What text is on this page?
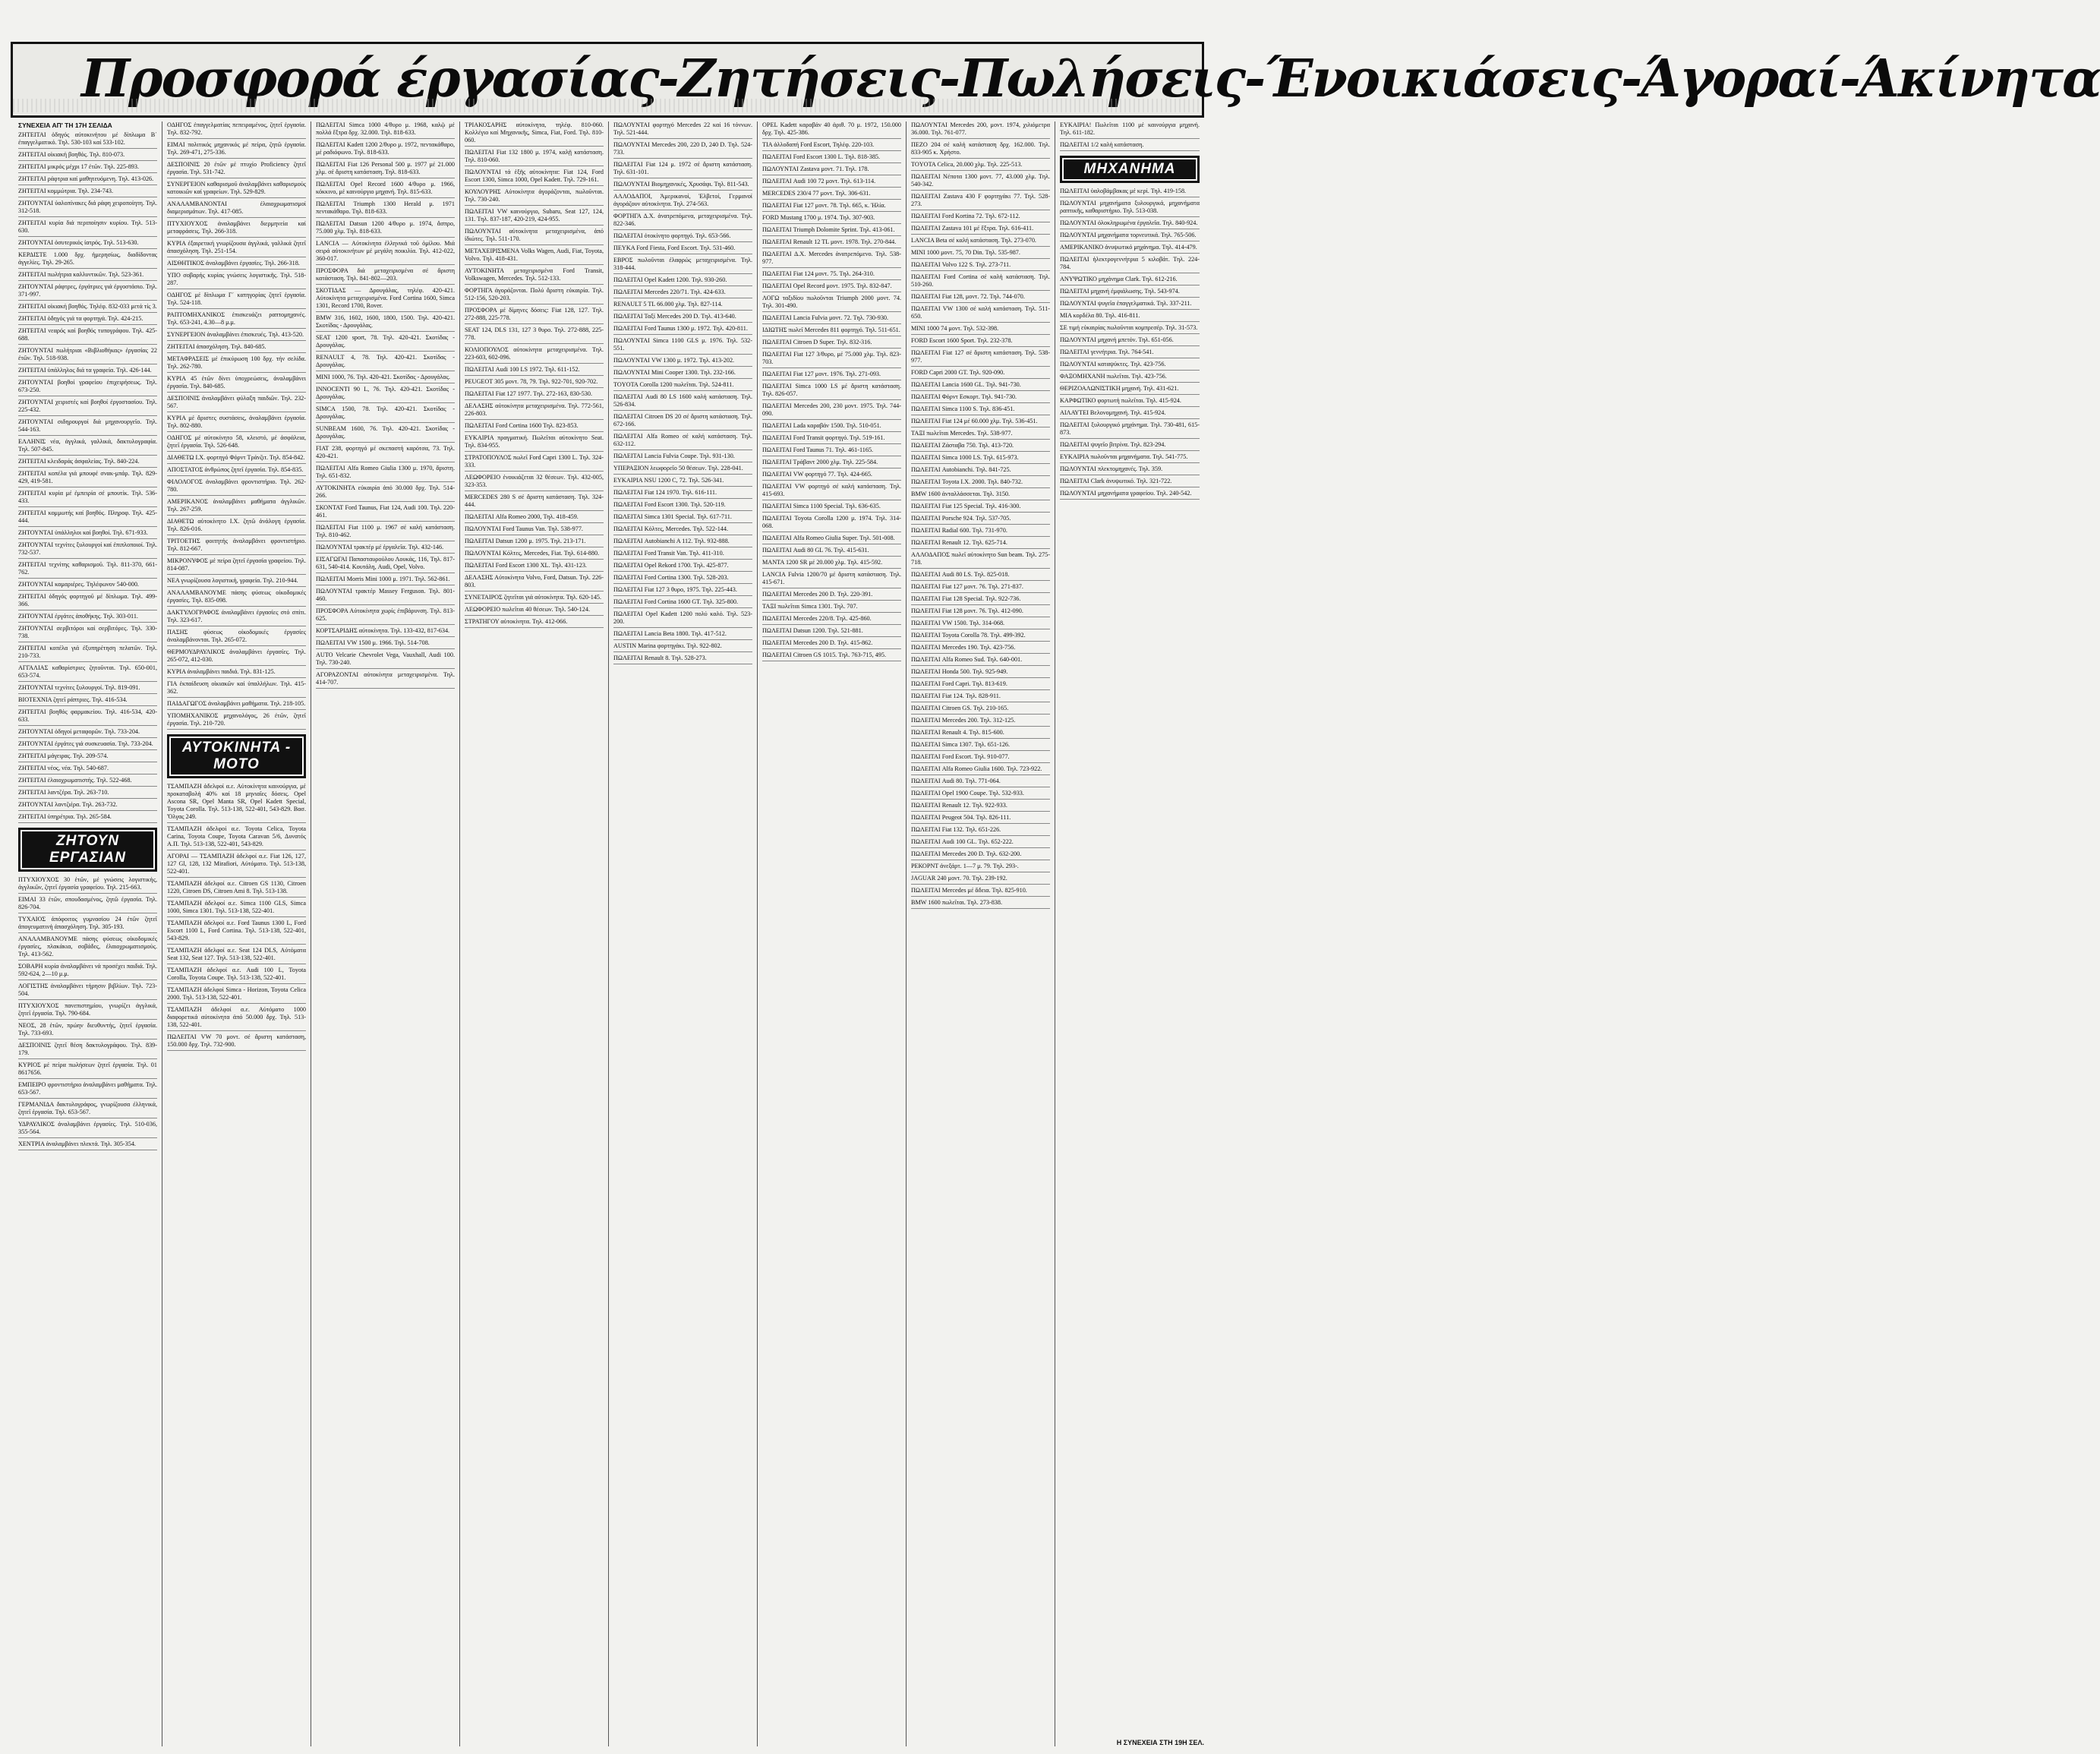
Προσφορά έργασίας-Ζητήσεις-Πωλήσεις-Ένοικιάσεις-Άγοραί-Άκίνητα
ΣΥΝΕΧΕΙΑ ΑΠ' ΤΗ 17Η ΣΕΛΙΔΑ
ΖΗΤΕΙΤΑΙ ὁδηγός αὐτοκινήτου μέ δίπλωμα Β΄ ἐπαγγελματικό. Τηλ. 530-103 καί 533-102.
ΖΗΤΕΙΤΑΙ οἰκιακή βοηθός. Τηλ. 810-073.
ΖΗΤΕΙΤΑΙ μικρός μέχρι 17 ἐτῶν. Τηλ. 225-893.
ΖΗΤΕΙΤΑΙ ράφτρια καί μαθητευόμενη. Τηλ. 413-026.
ΖΗΤΕΙΤΑΙ κομμώτρια. Τηλ. 234-743.
ΖΗΤΟΥΝΤΑΙ ὑαλοπίνακες διά ράφη χειροποίητη. Τηλ. 312-518.
ΖΗΤΕΙΤΑΙ κυρία διά περιποίησιν κυρίου. Τηλ. 513-630.
ΖΗΤΟΥΝΤΑΙ ὁσυτερικός ἰατρός. Τηλ. 513-630.
ΚΕΡΔΙΣΤΕ 1.000 δρχ. ἡμερησίως, διαδίδοντας ἀγγελίες. Τηλ. 29-265.
ΖΗΤΕΙΤΑΙ πωλήτρια καλλυντικῶν. Τηλ. 523-361.
ΖΗΤΟΥΝΤΑΙ ράφτρες, ἐργάτριες γιά ἐργοστάσιο. Τηλ. 371-997.
ΖΗΤΕΙΤΑΙ οἰκιακή βοηθός. Τηλέφ. 832-033 μετά τίς 3.
ΖΗΤΕΙΤΑΙ ὁδηγός γιά τα φορτηγά. Τηλ. 424-215.
ΖΗΤΕΙΤΑΙ νεαρός καί βοηθός τυπογράφου. Τηλ. 425-688.
ΖΗΤΟΥΝΤΑΙ πωλήτριαι «Βιβλιοθήκας» ἐργασίας 22 ἐτῶν. Τηλ. 518-938.
ΖΗΤΕΙΤΑΙ ὑπάλληλος διά τα γραφεία. Τηλ. 426-144.
ΖΗΤΟΥΝΤΑΙ βοηθοί γραφείου ἐπιχειρήσεως. Τηλ. 673-250.
ΖΗΤΟΥΝΤΑΙ χειριστές καί βοηθοί ἐργοστασίου. Τηλ. 225-432.
ΖΗΤΟΥΝΤΑΙ σιδηρουργοί διά μηχανουργεῖο. Τηλ. 544-163.
ΕΛΛΗΝΙΣ νέα, ἀγγλικά, γαλλικά, δακτυλογραφία. Τηλ. 507-845.
ΖΗΤΕΙΤΑΙ κλειδαράς ἀσφαλείας. Τηλ. 840-224.
ΖΗΤΕΙΤΑΙ κοπέλα γιά μπουφέ σνακ-μπάρ. Τηλ. 829-429, 419-581.
ΖΗΤΕΙΤΑΙ κυρία μέ ἐμπειρία σέ μπουτίκ. Τηλ. 536-433.
ΖΗΤΕΙΤΑΙ κομμωτής καί βοηθός. Πληροφ. Τηλ. 425-444.
ΖΗΤΟΥΝΤΑΙ ὑπάλληλοι καί βοηθοί. Τηλ. 671-933.
ΖΗΤΟΥΝΤΑΙ τεχνίτες ξυλουργοί καί ἐπιπλοποιοί. Τηλ. 732-537.
ΖΗΤΕΙΤΑΙ τεχνίτης καθαρισμοῦ. Τηλ. 811-370, 661-762.
ΖΗΤΟΥΝΤΑΙ καμαριέρες. Τηλέφωνον 540-000.
ΖΗΤΕΙΤΑΙ ὁδηγός φορτηγοῦ μέ δίπλωμα. Τηλ. 499-366.
ΖΗΤΟΥΝΤΑΙ ἐργάτες ἀποθήκης. Τηλ. 303-011.
ΖΗΤΟΥΝΤΑΙ σερβιτόροι καί σερβιτόρες. Τηλ. 330-738.
ΖΗΤΕΙΤΑΙ κοπέλα γιά ἐξυπηρέτηση πελατῶν. Τηλ. 210-733.
ΑΓΓΑΛΙΑΣ καθαρίστριες ζητοῦνται. Τηλ. 650-001, 653-574.
ΖΗΤΟΥΝΤΑΙ τεχνίτες ξυλουργοί. Τηλ. 819-091.
ΒΙΟΤΕΧΝΙΑ ζητεῖ ράπτριες. Τηλ. 416-534.
ΖΗΤΕΙΤΑΙ βοηθός φαρμακείου. Τηλ. 416-534, 420-633.
ΖΗΤΟΥΝΤΑΙ ὁδηγοί μεταφορῶν. Τηλ. 733-204.
ΖΗΤΟΥΝΤΑΙ ἐργάτες γιά συσκευασία. Τηλ. 733-204.
ΖΗΤΕΙΤΑΙ μάγειρας. Τηλ. 209-574.
ΖΗΤΕΙΤΑΙ νέος, νέα. Τηλ. 540-687.
ΖΗΤΕΙΤΑΙ ἐλαιοχρωματιστής. Τηλ. 522-468.
ΖΗΤΕΙΤΑΙ λαντζέρα. Τηλ. 263-710.
ΖΗΤΟΥΝΤΑΙ λαντζιέρα. Τηλ. 263-732.
ΖΗΤΕΙΤΑΙ ὑπηρέτρια. Τηλ. 265-584.
ΖΗΤΟΥΝ ΕΡΓΑΣΙΑΝ
ΠΤΥΧΙΟΥΧΟΣ 30 ἐτῶν, μέ γνώσεις λογιστικής, ἀγγλικῶν, ζητεῖ ἐργασία γραφείου. Τηλ. 215-663.
ΕΙΜΑΙ 33 ἐτῶν, σπουδασμένος, ζητῶ ἐργασία. Τηλ. 826-704.
ΤΥΧΑΙΟΣ ἀπόφοιτος γυμνασίου 24 ἐτῶν ζητεῖ ἀπογευματινή ἀπασχόληση. Τηλ. 305-193.
ΑΝΑΛΑΜΒΑΝΟΥΜΕ πάσης φύσεως οἰκοδομικές ἐργασίες, πλακάκια, σοβάδες, ἐλαιοχρωματισμούς. Τηλ. 413-562.
ΣΟΒΑΡΗ κυρία ἀναλαμβάνει νά προσέχει παιδιά. Τηλ. 592-624, 2—10 μ.μ.
ΛΟΓΙΣΤΗΣ ἀναλαμβάνει τήρησιν βιβλίων. Τηλ. 723-504.
ΠΤΥΧΙΟΥΧΟΣ πανεπιστημίου, γνωρίζει ἀγγλικά, ζητεῖ ἐργασία. Τηλ. 790-684.
ΝΕΟΣ, 28 ἐτῶν, πρώην διευθυντής, ζητεῖ ἐργασία. Τηλ. 733-693.
ΔΕΣΠΟΙΝΙΣ ζητεῖ θέση δακτυλογράφου. Τηλ. 839-179.
ΚΥΡΙΟΣ μέ πείρα πωλήσεων ζητεῖ ἐργασία. Τηλ. 01 8617656.
ΕΜΠΕΙΡΟ φροντιστήριο ἀναλαμβάνει μαθήματα. Τηλ. 653-567.
ΓΕΡΜΑΝΙΔΑ δακτυλογράφος, γνωρίζουσα ἐλληνικά, ζητεῖ ἐργασία. Τηλ. 653-567.
ΥΔΡΑΥΛΙΚΟΣ ἀναλαμβάνει ἐργασίες. Τηλ. 510-036, 355-564.
ΧΕΝΤΡΙΑ ἀναλαμβάνει πλεκτά. Τηλ. 305-354.
ΟΔΗΓΟΣ ἐπαγγελματίας πεπειραμένος, ζητεῖ ἐργασία. Τηλ. 832-792.
ΕΙΜΑΙ πολιτικός μηχανικός μέ πείρα, ζητῶ ἐργασία. Τηλ. 269-471, 275-336.
ΔΕΣΠΟΙΝΙΣ 20 ἐτῶν μέ πτυχίο Proficiency ζητεῖ ἐργασία. Τηλ. 531-742.
ΣΥΝΕΡΓΕΙΟΝ καθαρισμοῦ ἀναλαμβάνει καθαρισμούς κατοικιῶν καί γραφείων. Τηλ. 529-829.
ΑΝΑΛΑΜΒΑΝΟΝΤΑΙ ἐλαιοχρωματισμοί διαμερισμάτων. Τηλ. 417-085.
ΠΤΥΧΙΟΥΧΟΣ ἀναλαμβάνει διερμηνεία καί μεταφράσεις. Τηλ. 266-318.
ΚΥΡΙΑ ἐξαιρετική γνωρίζουσα ἀγγλικά, γαλλικά ζητεῖ ἀπασχόληση. Τηλ. 251-154.
ΑΙΣΘΗΤΙΚΟΣ ἀναλαμβάνει ἐργασίες. Τηλ. 266-318.
ΥΠΟ σοβαρής κυρίας γνώσεις λογιστικῆς. Τηλ. 518-287.
ΟΔΗΓΟΣ μέ δίπλωμα Γ΄ κατηγορίας ζητεῖ ἐργασία. Τηλ. 524-118.
ΡΑΠΤΟΜΗΧΑΝΙΚΟΣ ἐπισκευάζει ραπτομηχανές. Τηλ. 653-241, 4.30—8 μ.μ.
ΣΥΝΕΡΓΕΙΟΝ ἀναλαμβάνει ἐπισκευές. Τηλ. 413-520.
ΖΗΤΕΙΤΑΙ ἀπασχόληση. Τηλ. 840-685.
ΜΕΤΑΦΡΑΣΕΙΣ μέ ἐπικύρωση 100 δρχ. τήν σελίδα. Τηλ. 262-780.
ΚΥΡΙΑ 45 ἐτῶν δίνει ὑποχρεώσεις, ἀναλαμβάνει ἐργασία. Τηλ. 840-685.
ΔΕΣΠΟΙΝΙΣ ἀναλαμβάνει φύλαξη παιδιῶν. Τηλ. 232-567.
ΚΥΡΙΑ μέ ἄριστες συστάσεις, ἀναλαμβάνει ἐργασία. Τηλ. 802-880.
ΟΔΗΓΟΣ μέ αὐτοκίνητο 58, κλειστό, μέ ἀσφάλεια, ζητεῖ ἐργασία. Τηλ. 526-648.
ΔΙΑΘΕΤΩ Ι.Χ. φορτηγό Φόρντ Τράνζιτ. Τηλ. 854-842.
ΑΠΟΣΤΑΤΟΣ ἀνθρώπος ζητεῖ ἐργασία. Τηλ. 854-835.
ΦΙΛΟΛΟΓΟΣ ἀναλαμβάνει φροντιστήριο. Τηλ. 262-780.
ΑΜΕΡΙΚΑΝΟΣ ἀναλαμβάνει μαθήματα ἀγγλικῶν. Τηλ. 267-259.
ΔΙΑΘΕΤΩ αὐτοκίνητο Ι.Χ. ζητῶ ἀνάλογη ἐργασία. Τηλ. 826-016.
ΤΡΙΤΟΕΤΗΣ φοιτητής ἀναλαμβάνει φροντιστήριο. Τηλ. 812-667.
ΜΙΚΡΟΝΥΦΟΣ μέ πείρα ζητεῖ ἐργασία γραφείου. Τηλ. 814-087.
ΝΕΑ γνωρίζουσα λογιστική, γραφεία. Τηλ. 210-944.
ΑΝΑΛΑΜΒΑΝΟΥΜΕ πάσης φύσεως οἰκοδομικές ἐργασίες. Τηλ. 835-098.
ΔΑΚΤΥΛΟΓΡΑΦΟΣ ἀναλαμβάνει ἐργασίες στό σπίτι. Τηλ. 323-617.
ΠΑΣΗΣ φύσεως οἰκοδομικές ἐργασίες ἀναλαμβάνονται. Τηλ. 265-072.
ΘΕΡΜΟΥΔΡΑΥΛΙΚΟΣ ἀναλαμβάνει ἐργασίες. Τηλ. 265-072, 412-030.
ΚΥΡΙΑ ἀναλαμβάνει παιδιά. Τηλ. 831-125.
ΓΙΑ ἐκπαίδευση οἰκιακῶν καί ὑπαλλήλων. Τηλ. 415-362.
ΠΑΙΔΑΓΩΓΟΣ ἀναλαμβάνει μαθήματα. Τηλ. 218-105.
ΥΠΟΜΗΧΑΝΙΚΟΣ μηχανολόγος, 26 ἐτῶν, ζητεῖ ἐργασία. Τηλ. 210-720.
ΑΥΤΟΚΙΝΗΤΑ - ΜΟΤΟ
ΤΣΑΜΠΑΖΗ ἀδελφοί α.ε. Αὐτοκίνητα καινούργια, μέ προκαταβολή 40% καί 18 μηνιαῖες δόσεις. Opel Ascona SR, Opel Manta SR, Opel Kadett Special, Toyota Corolla. Τηλ. 513-138, 522-401, 543-829. Βασ. Ὄλγας 249.
ΤΣΑΜΠΑΖΗ ἀδελφοί α.ε. Toyota Celica, Toyota Carina, Toyota Coupe, Toyota Caravan 5/6, Δυνατός Α.Π. Τηλ. 513-138, 522-401, 543-829.
ΑΓΟΡΑΙ — ΤΣΑΜΠΑΖΗ ἀδελφοί α.ε. Fiat 126, 127, 127 Gl, 128, 132 Mirafiori, Αὐτόματο. Τηλ. 513-138, 522-401.
ΤΣΑΜΠΑΖΗ ἀδελφοί α.ε. Citroen GS 1130, Citroen 1220, Citroen DS, Citroen Ami 8. Τηλ. 513-138.
ΤΣΑΜΠΑΖΗ ἀδελφοί α.ε. Simca 1100 GLS, Simca 1000, Simca 1301. Τηλ. 513-138, 522-401.
ΤΣΑΜΠΑΖΗ ἀδελφοί α.ε. Ford Taunus 1300 L, Ford Escort 1100 L, Ford Cortina. Τηλ. 513-138, 522-401, 543-829.
ΤΣΑΜΠΑΖΗ ἀδελφοί α.ε. Seat 124 DLS, Αὐτόματα Seat 132, Seat 127. Τηλ. 513-138, 522-401.
ΤΣΑΜΠΑΖΗ ἀδελφοί α.ε. Audi 100 L, Toyota Corolla, Toyota Coupe. Τηλ. 513-138, 522-401.
ΤΣΑΜΠΑΖΗ ἀδελφοί Simca - Horizon, Toyota Celica 2000. Τηλ. 513-138, 522-401.
ΤΣΑΜΠΑΖΗ ἀδελφοί α.ε. Αὐτόματο 1000 διαφορετικά αὐτοκίνητα ἀπό 50.000 δρχ. Τηλ. 513-138, 522-401.
ΠΩΛΕΙΤΑΙ VW 70 μοντ. σέ ἄριστη κατάσταση, 150.000 δρχ. Τηλ. 732-900.
ΠΩΛΕΙΤΑΙ Simca 1000 4/θυρο μ. 1968, καλῷ μέ πολλά ἔξτρα δρχ. 32.000. Τηλ. 818-633.
ΠΩΛΕΙΤΑΙ Kadett 1200 2/θυρο μ. 1972, πεντακάθαρο, μέ ραδιόφωνο. Τηλ. 818-633.
ΠΩΛΕΙΤΑΙ Fiat 126 Personal 500 μ. 1977 μέ 21.000 χλμ. σέ ἄριστη κατάσταση. Τηλ. 818-633.
ΠΩΛΕΙΤΑΙ Opel Record 1600 4/θυρο μ. 1966, κόκκινο, μέ καινούργιο μηχανή. Τηλ. 815-633.
ΠΩΛΕΙΤΑΙ Triumph 1300 Herald μ. 1971 πεντακάθαρο. Τηλ. 818-633.
ΠΩΛΕΙΤΑΙ Datsun 1200 4/θυρο μ. 1974, ἄσπρο, 75.000 χλμ. Τηλ. 818-633.
LANCIA — Αὐτοκίνητα ἐλληνικά τοῦ ὁμίλου. Μιά σειρά αὐτοκινήτων μέ μεγάλη ποικιλία. Τηλ. 412-022, 360-017.
ΠΡΟΣΦΟΡΑ διά μεταχειρισμένα σέ ἄριστη κατάσταση. Τηλ. 841-802—203.
ΣΚΟΤΙΔΑΣ — Δρουγάλας, τηλέφ. 420-421. Αὐτοκίνητα μεταχειρισμένα. Ford Cortina 1600, Simca 1301, Record 1700, Rover.
ΒΜW 316, 1602, 1600, 1800, 1500. Τηλ. 420-421. Σκοτίδας - Δρουγάλας.
SEAT 1200 sport, 78. Τηλ. 420-421. Σκοτίδας - Δρουγάλας.
RENAULT 4, 78. Τηλ. 420-421. Σκοτίδας - Δρουγάλας.
MINI 1000, 76. Τηλ. 420-421. Σκοτίδας - Δρουγάλας.
INNOCENTI 90 L, 76. Τηλ. 420-421. Σκοτίδας - Δρουγάλας.
SIMCA 1500, 78. Τηλ. 420-421. Σκοτίδας - Δρουγάλας.
SUNBEAM 1600, 76. Τηλ. 420-421. Σκοτίδας - Δρουγάλας.
FIAT 238, φορτηγό μέ σκεπαστή καρότσα, 73. Τηλ. 420-421.
ΠΩΛΕΙΤΑΙ Alfa Romeo Giulia 1300 μ. 1970, ἄριστη. Τηλ. 651-832.
ΑΥΤΟΚΙΝΗΤΑ εὐκαιρία ἀπό 30.000 δρχ. Τηλ. 514-266.
ΣΚΟΝΤΑΤ Ford Taunus, Fiat 124, Audi 100. Τηλ. 220-461.
ΠΩΛΕΙΤΑΙ Fiat 1100 μ. 1967 σέ καλή κατάσταση. Τηλ. 810-462.
ΠΩΛΟΥΝΤΑΙ τρακτέρ μέ ἐργαλεῖα. Τηλ. 432-146.
ΕΙΣΑΓΩΓΑΙ Παπασταυρούλου Λουκάς, 116, Τηλ. 817-631, 540-414. Κουτάλη, Audi, Opel, Volvo.
ΠΩΛΕΙΤΑΙ Morris Mini 1000 μ. 1971. Τηλ. 562-861.
ΠΩΛΟΥΝΤΑΙ τρακτέρ Massey Ferguson. Τηλ. 801-460.
ΠΡΟΣΦΟΡΑ Αὐτοκίνητα χωρίς ἐπιβάρυνση. Τηλ. 813-625.
ΚΟΡΤΣΑΡΙΔΗΣ αὐτοκίνητα. Τηλ. 133-432, 817-634.
ΠΩΛΕΙΤΑΙ VW 1500 μ. 1966. Τηλ. 514-708.
AUTO Velcarie Chevrolet Vega, Vauxhall, Audi 100. Τηλ. 730-240.
ΑΓΟΡΑΖΟΝΤΑΙ αὐτοκίνητα μεταχειρισμένα. Τηλ. 414-707.
ΤΡΙΑΚΟΣΑΡΗΣ αὐτοκίνητα, τηλέφ. 810-060. Κολλέγιο καί Μηχανικῆς, Simca, Fiat, Ford. Τηλ. 810-060.
ΠΩΛΕΙΤΑΙ Fiat 132 1800 μ. 1974, καλῇ κατάσταση. Τηλ. 810-060.
ΠΩΛΟΥΝΤΑΙ τά ἑξῆς αὐτοκίνητα: Fiat 124, Ford Escort 1300, Simca 1000, Opel Kadett. Τηλ. 729-161.
ΚΟΥΛΟΥΡΗΣ Αὐτοκίνητα ἀγοράζονται, πωλοῦνται. Τηλ. 730-240.
ΠΩΛΕΙΤΑΙ VW καινούργιο, Subaru, Seat 127, 124, 131. Τηλ. 837-187, 420-219, 424-955.
ΠΩΛΟΥΝΤΑΙ αὐτοκίνητα μεταχειρισμένα, ἀπό ἰδιώτες. Τηλ. 511-170.
ΜΕΤΑΧΕΙΡΙΣΜΕΝΑ Volks Wagen, Audi, Fiat, Toyota, Volvo. Τηλ. 418-431.
ΑΥΤΟΚΙΝΗΤΑ μεταχειρισμένα Ford Transit, Volkswagen, Mercedes. Τηλ. 512-133.
ΦΟΡΤΗΓΑ ἀγοράζονται. Πολύ ἄριστη εὐκαιρία. Τηλ. 512-156, 520-203.
ΠΡΟΣΦΟΡΑ μέ δίμηνες δόσεις: Fiat 128, 127. Τηλ. 272-888, 225-778.
SEAT 124, DLS 131, 127 3 θυρο. Τηλ. 272-888, 225-778.
ΚΟΛΙΟΠΟΥΛΟΣ αὐτοκίνητα μεταχειρισμένα. Τηλ. 223-603, 602-096.
ΠΩΛΕΙΤΑΙ Audi 100 LS 1972. Τηλ. 611-152.
PEUGEOT 305 μοντ. 78, 79. Τηλ. 922-701, 920-702.
ΠΩΛΕΙΤΑΙ Fiat 127 1977. Τηλ. 272-163, 830-530.
ΔΕΛΑΣΗΣ αὐτοκίνητα μεταχειρισμένα. Τηλ. 772-561, 226-803.
ΠΩΛΕΙΤΑΙ Ford Cortina 1600 Τηλ. 823-853.
ΕΥΚΑΙΡΙΑ πραγματική. Πωλεῖται αὐτοκίνητο Seat. Τηλ. 834-955.
ΣΤΡΑΤΟΠΟΥΛΟΣ πωλεῖ Ford Capri 1300 L. Τηλ. 324-333.
ΛΕΩΦΟΡΕΙΟ ἐνοικιάζεται 32 θέσεων. Τηλ. 432-005, 323-353.
MERCEDES 280 S σέ ἄριστη κατάσταση. Τηλ. 324-444.
ΠΩΛΕΙΤΑΙ Alfa Romeo 2000, Τηλ. 418-459.
ΠΩΛΟΥΝΤΑΙ Ford Taunus Van. Τηλ. 538-977.
ΠΩΛΕΙΤΑΙ Datsun 1200 μ. 1975. Τηλ. 213-171.
ΠΩΛΟΥΝΤΑΙ Κόλτες, Mercedes, Fiat. Τηλ. 614-880.
ΠΩΛΕΙΤΑΙ Ford Escort 1300 XL. Τηλ. 431-123.
ΔΕΛΑΣΗΣ Αὐτοκίνητα Volvo, Ford, Datsun. Τηλ. 226-803.
ΣΥΝΕΤΑΙΡΟΣ ζητεῖται γιά αὐτοκίνητα. Τηλ. 620-145.
ΛΕΩΦΟΡΕΙΟ πωλεῖται 40 θέσεων. Τηλ. 540-124.
ΣΤΡΑΤΗΓΟΥ αὐτοκίνητα. Τηλ. 412-066.
ΠΩΛΟΥΝΤΑΙ φορτηγό Mercedes 22 καί 16 τόννων. Τηλ. 521-444.
ΠΩΛΟΥΝΤΑΙ Mercedes 200, 220 D, 240 D. Τηλ. 524-733.
ΠΩΛΕΙΤΑΙ Fiat 124 μ. 1972 σέ ἄριστη κατάσταση. Τηλ. 631-101.
ΠΩΛΟΥΝΤΑΙ Βιομηχανικές, Χρυσάφι. Τηλ. 811-543.
ΑΛΛΟΔΑΠΟΙ, Ἀμερικανοί, Ἑλβετοί, Γερμανοί ἀγοράζουν αὐτοκίνητα. Τηλ. 274-563.
ΦΟΡΤΗΓΑ Δ.Χ. ἀνατρεπόμενα, μεταχειρισμένα. Τηλ. 822-346.
ΠΩΛΕΙΤΑΙ ὀτοκίνητο φορτηγό. Τηλ. 653-566.
ΠΕΥΚΑ Ford Fiesta, Ford Escort. Τηλ. 531-460.
ΕΒΡΟΣ πωλοῦνται ἐλαφρώς μεταχειρισμένα. Τηλ. 318-444.
ΠΩΛΕΙΤΑΙ Opel Kadett 1200. Τηλ. 930-260.
ΠΩΛΕΙΤΑΙ Mercedes 220/71. Τηλ. 424-633.
RENAULT 5 TL 66.000 χλμ. Τηλ. 827-114.
ΠΩΛΕΙΤΑΙ Ταξί Mercedes 200 D. Τηλ. 413-640.
ΠΩΛΕΙΤΑΙ Ford Taunus 1300 μ. 1972. Τηλ. 420-811.
ΠΩΛΟΥΝΤΑΙ Simca 1100 GLS μ. 1976. Τηλ. 532-551.
ΠΩΛΟΥΝΤΑΙ VW 1300 μ. 1972. Τηλ. 413-202.
ΠΩΛΟΥΝΤΑΙ Mini Cooper 1300. Τηλ. 232-166.
TOYOTA Corolla 1200 πωλεῖται. Τηλ. 524-811.
ΠΩΛΕΙΤΑΙ Audi 80 LS 1600 καλή κατάσταση. Τηλ. 526-834.
ΠΩΛΕΙΤΑΙ Citroen DS 20 σέ ἄριστη κατάσταση. Τηλ. 672-166.
ΠΩΛΕΙΤΑΙ Alfa Romeo σέ καλή κατάσταση. Τηλ. 632-112.
ΠΩΛΕΙΤΑΙ Lancia Fulvia Coupe. Τηλ. 931-130.
ΥΠΕΡΑΞΙΟΝ λεωφορεῖο 50 θέσεων. Τηλ. 228-041.
ΕΥΚΑΙΡΙΑ NSU 1200 C, 72. Τηλ. 526-341.
ΠΩΛΕΙΤΑΙ Fiat 124 1970. Τηλ. 616-111.
ΠΩΛΕΙΤΑΙ Ford Escort 1300. Τηλ. 520-119.
ΠΩΛΕΙΤΑΙ Simca 1301 Special. Τηλ. 617-711.
ΠΩΛΕΙΤΑΙ Κόλτες, Mercedes. Τηλ. 522-144.
ΠΩΛΕΙΤΑΙ Autobianchi A 112. Τηλ. 932-888.
ΠΩΛΕΙΤΑΙ Ford Transit Van. Τηλ. 411-310.
ΠΩΛΕΙΤΑΙ Opel Rekord 1700. Τηλ. 425-877.
ΠΩΛΕΙΤΑΙ Ford Cortina 1300. Τηλ. 528-203.
ΠΩΛΕΙΤΑΙ Fiat 127 3 θυρο, 1975. Τηλ. 225-443.
ΠΩΛΕΙΤΑΙ Ford Cortina 1600 GT. Τηλ. 325-800.
ΠΩΛΕΙΤΑΙ Opel Kadett 1200 πολύ καλό. Τηλ. 523-200.
ΠΩΛΕΙΤΑΙ Lancia Beta 1800. Τηλ. 417-512.
AUSTIN Marina φορτηγάκι. Τηλ. 922-802.
ΠΩΛΕΙΤΑΙ Renault 8. Τηλ. 528-273.
OPEL Kadett καραβάν 40 ἀριθ. 70 μ. 1972, 150.000 δρχ. Τηλ. 425-386.
ΤΙΑ ἀλλοδαπή Ford Escort, Τηλέφ. 220-103.
ΠΩΛΕΙΤΑΙ Ford Escort 1300 L. Τηλ. 818-385.
ΠΩΛΟΥΝΤΑΙ Zastava μοντ. 71. Τηλ. 178.
ΠΩΛΕΙΤΑΙ Audi 100 72 μοντ. Τηλ. 613-114.
MERCEDES 230/4 77 μοντ. Τηλ. 306-631.
ΠΩΛΕΙΤΑΙ Fiat 127 μοντ. 78. Τηλ. 665, κ. Ἠλία.
FORD Mustang 1700 μ. 1974. Τηλ. 307-903.
ΠΩΛΕΙΤΑΙ Triumph Dolomite Sprint. Τηλ. 413-061.
ΠΩΛΕΙΤΑΙ Renault 12 TL μοντ. 1978. Τηλ. 270-844.
ΠΩΛΕΙΤΑΙ Δ.Χ. Mercedes ἀνατρεπόμενο. Τηλ. 538-977.
ΠΩΛΕΙΤΑΙ Fiat 124 μοντ. 75. Τηλ. 264-310.
ΠΩΛΕΙΤΑΙ Opel Record μοντ. 1975. Τηλ. 832-847.
ΛΟΓΩ ταξιδίου πωλοῦνται Triumph 2000 μοντ. 74. Τηλ. 301-490.
ΠΩΛΕΙΤΑΙ Lancia Fulvia μοντ. 72. Τηλ. 730-930.
ΙΔΙΩΤΗΣ πωλεῖ Mercedes 811 φορτηγό. Τηλ. 511-651.
ΠΩΛΕΙΤΑΙ Citroen D Super. Τηλ. 832-316.
ΠΩΛΕΙΤΑΙ Fiat 127 3/θυρο, μέ 75.000 χλμ. Τηλ. 823-703.
ΠΩΛΕΙΤΑΙ Fiat 127 μοντ. 1976. Τηλ. 271-093.
ΠΩΛΕΙΤΑΙ Simca 1000 LS μέ ἄριστη κατάσταση. Τηλ. 826-057.
ΠΩΛΕΙΤΑΙ Mercedes 200, 230 μοντ. 1975. Τηλ. 744-090.
ΠΩΛΕΙΤΑΙ Lada καραβάν 1500. Τηλ. 510-051.
ΠΩΛΕΙΤΑΙ Ford Transit φορτηγό. Τηλ. 519-161.
ΠΩΛΕΙΤΑΙ Ford Taunus 71. Τηλ. 461-1165.
ΠΩΛΕΙΤΑΙ Τράβαντ 2000 χλμ. Τηλ. 225-584.
ΠΩΛΕΙΤΑΙ VW φορτηγό 77. Τηλ. 424-665.
ΠΩΛΕΙΤΑΙ VW φορτηγό σέ καλή κατάσταση. Τηλ. 415-693.
ΠΩΛΕΙΤΑΙ Simca 1100 Special. Τηλ. 636-635.
ΠΩΛΕΙΤΑΙ Toyota Corolla 1200 μ. 1974. Τηλ. 314-068.
ΠΩΛΕΙΤΑΙ Alfa Romeo Giulia Super. Τηλ. 501-008.
ΠΩΛΕΙΤΑΙ Audi 80 GL 76. Τηλ. 415-631.
ΜΑΝΤΑ 1200 SR μέ 20.000 χλμ. Τηλ. 415-592.
LANCIA Fulvia 1200/70 μέ ἄριστη κατάσταση. Τηλ. 415-671.
ΠΩΛΕΙΤΑΙ Mercedes 200 D. Τηλ. 220-391.
ΤΑΞΙ πωλεῖται Simca 1301. Τηλ. 707.
ΠΩΛΕΙΤΑΙ Mercedes 220/8. Τηλ. 425-860.
ΠΩΛΕΙΤΑΙ Datsun 1200. Τηλ. 521-881.
ΠΩΛΕΙΤΑΙ Mercedes 200 D. Τηλ. 415-862.
ΠΩΛΕΙΤΑΙ Citroen GS 1015. Τηλ. 763-715, 495.
ΠΩΛΟΥΝΤΑΙ Mercedes 200, μοντ. 1974, χιλιόμετρα 36.000. Τηλ. 761-077.
ΠΕΖΟ 204 σέ καλή κατάσταση δρχ. 162.000. Τηλ. 833-905 κ. Χρήστο.
TOYOTA Celica, 20.000 χλμ. Τηλ. 225-513.
ΠΩΛΕΙΤΑΙ Νέποτα 1300 μοντ. 77, 43.000 χλμ. Τηλ. 540-342.
ΠΩΛΕΙΤΑΙ Zastava 430 F φορτηγάκι 77. Τηλ. 528-273.
ΠΩΛΕΙΤΑΙ Ford Kortina 72. Τηλ. 672-112.
ΠΩΛΕΙΤΑΙ Zastava 101 μέ ἔξτρα. Τηλ. 616-411.
LANCIA Beta σέ καλή κατάσταση. Τηλ. 273-070.
MINI 1000 μοντ. 75, 70 Din. Τηλ. 535-987.
ΠΩΛΕΙΤΑΙ Volvo 122 S. Τηλ. 273-711.
ΠΩΛΕΙΤΑΙ Ford Cortina σέ καλή κατάσταση. Τηλ. 510-260.
ΠΩΛΕΙΤΑΙ Fiat 128, μοντ. 72. Τηλ. 744-070.
ΠΩΛΕΙΤΑΙ VW 1300 σέ καλή κατάσταση. Τηλ. 511-650.
MINI 1000 74 μοντ. Τηλ. 532-398.
FORD Escort 1600 Sport. Τηλ. 232-378.
ΠΩΛΕΙΤΑΙ Fiat 127 σέ ἄριστη κατάσταση. Τηλ. 538-977.
FORD Capri 2000 GT. Τηλ. 920-090.
ΠΩΛΕΙΤΑΙ Lancia 1600 GL. Τηλ. 941-730.
ΠΩΛΕΙΤΑΙ Φόρντ Εσκορτ. Τηλ. 941-730.
ΠΩΛΕΙΤΑΙ Simca 1100 S. Τηλ. 836-451.
ΠΩΛΕΙΤΑΙ Fiat 124 μέ 60.000 χλμ. Τηλ. 536-451.
ΤΑΞΙ πωλεῖται Mercedes. Τηλ. 538-977.
ΠΩΛΕΙΤΑΙ Ζάσταβα 750. Τηλ. 413-720.
ΠΩΛΕΙΤΑΙ Simca 1000 LS. Τηλ. 615-973.
ΠΩΛΕΙΤΑΙ Autobianchi. Τηλ. 841-725.
ΠΩΛΕΙΤΑΙ Toyota I.X. 2000. Τηλ. 840-732.
BMW 1600 ἀνταλλάσσεται. Τηλ. 3150.
ΠΩΛΕΙΤΑΙ Fiat 125 Special. Τηλ. 416-300.
ΠΩΛΕΙΤΑΙ Porsche 924. Τηλ. 537-705.
ΠΩΛΕΙΤΑΙ Radial 600. Τηλ. 731-970.
ΠΩΛΕΙΤΑΙ Renault 12. Τηλ. 625-714.
ΑΛΛΟΔΑΠΟΣ πωλεῖ αὐτοκίνητο Sun beam. Τηλ. 275-718.
ΠΩΛΕΙΤΑΙ Audi 80 LS. Τηλ. 825-018.
ΠΩΛΕΙΤΑΙ Fiat 127 μοντ. 76. Τηλ. 271-837.
ΠΩΛΕΙΤΑΙ Fiat 128 Special. Τηλ. 922-736.
ΠΩΛΕΙΤΑΙ Fiat 128 μοντ. 76. Τηλ. 412-090.
ΠΩΛΕΙΤΑΙ VW 1500. Τηλ. 314-068.
ΠΩΛΕΙΤΑΙ Toyota Corolla 78. Τηλ. 499-392.
ΠΩΛΕΙΤΑΙ Mercedes 190. Τηλ. 423-756.
ΠΩΛΕΙΤΑΙ Alfa Romeo Sud. Τηλ. 640-001.
ΠΩΛΕΙΤΑΙ Honda 500. Τηλ. 925-949.
ΠΩΛΕΙΤΑΙ Ford Capri. Τηλ. 813-619.
ΠΩΛΕΙΤΑΙ Fiat 124. Τηλ. 828-911.
ΠΩΛΕΙΤΑΙ Citroen GS. Τηλ. 210-165.
ΠΩΛΕΙΤΑΙ Mercedes 200. Τηλ. 312-125.
ΠΩΛΕΙΤΑΙ Renault 4. Τηλ. 815-600.
ΠΩΛΕΙΤΑΙ Simca 1307. Τηλ. 651-126.
ΠΩΛΕΙΤΑΙ Ford Escort. Τηλ. 910-077.
ΠΩΛΕΙΤΑΙ Alfa Romeo Giulia 1600. Τηλ. 723-922.
ΠΩΛΕΙΤΑΙ Audi 80. Τηλ. 771-064.
ΠΩΛΕΙΤΑΙ Opel 1900 Coupe. Τηλ. 532-933.
ΠΩΛΕΙΤΑΙ Renault 12. Τηλ. 922-933.
ΠΩΛΕΙΤΑΙ Peugeot 504. Τηλ. 826-111.
ΠΩΛΕΙΤΑΙ Fiat 132. Τηλ. 651-226.
ΠΩΛΕΙΤΑΙ Audi 100 GL. Τηλ. 652-222.
ΠΩΛΕΙΤΑΙ Mercedes 200 D. Τηλ. 632-200.
ΡΕΚΟΡΝΤ ἀνεξάρτ. 1—7 μ. 79. Τηλ. 293-.
JAGUAR 240 μοντ. 70. Τηλ. 239-192.
ΠΩΛΕΙΤΑΙ Mercedes μέ ἄδεια. Τηλ. 825-910.
BMW 1600 πωλεῖται. Τηλ. 273-838.
ΕΥΚΑΙΡΙΑ! Πωλεῖται 1100 μέ καινούργια μηχανή. Τηλ. 611-182.
ΠΩΛΕΙΤΑΙ 1/2 καλή κατάσταση.
ΜΗΧΑΝΗΜΑ
ΠΩΛΕΙΤΑΙ ὑαλοβάμβακας μέ κερί. Τηλ. 419-158.
ΠΩΛΟΥΝΤΑΙ μηχανήματα ξυλουργικά, μηχανήματα ραπτικῆς, καθαριστήριο. Τηλ. 513-038.
ΠΩΛΟΥΝΤΑΙ ὀλοκληρωμένα ἐργαλεῖα. Τηλ. 840-924.
ΠΩΛΟΥΝΤΑΙ μηχανήματα τορνευτικά. Τηλ. 765-506.
ΑΜΕΡΙΚΑΝΙΚΟ ἀνυψωτικό μηχάνημα. Τηλ. 414-479.
ΠΩΛΕΙΤΑΙ ἠλεκτρογεννήτρια 5 κιλοβάτ. Τηλ. 224-784.
ΑΝΥΨΩΤΙΚΟ μηχάνημα Clark. Τηλ. 612-216.
ΠΩΛΕΙΤΑΙ μηχανή ἐμφιάλωσης. Τηλ. 543-974.
ΠΩΛΟΥΝΤΑΙ ψυγεῖα ἐπαγγελματικά. Τηλ. 337-211.
ΜΙΑ κορδέλα 80. Τηλ. 416-811.
ΣΕ τιμή εὐκαιρίας πωλοῦνται κομπρεσέρ. Τηλ. 31-573.
ΠΩΛΟΥΝΤΑΙ μηχανή μπετόν. Τηλ. 651-056.
ΠΩΛΕΙΤΑΙ γεννήτρια. Τηλ. 764-541.
ΠΩΛΟΥΝΤΑΙ καταψύκτες. Τηλ. 423-756.
ΦΑΞΟΜΗΧΑΝΗ πωλεῖται. Τηλ. 423-756.
ΘΕΡΙΖΟΑΛΩΝΙΣΤΙΚΗ μηχανή. Τηλ. 431-621.
ΚΑΡΦΩΤΙΚΟ φορτωτή πωλεῖται. Τηλ. 415-924.
ΑΙΛΑΥΤΕΙ Βελονομηχανή. Τηλ. 415-924.
ΠΩΛΕΙΤΑΙ ξυλουργικό μηχάνημα. Τηλ. 730-481, 615-873.
ΠΩΛΕΙΤΑΙ ψυγεῖο βιτρίνα. Τηλ. 823-294.
ΕΥΚΑΙΡΙΑ πωλοῦνται μηχανήματα. Τηλ. 541-775.
ΠΩΛΟΥΝΤΑΙ πλεκτομηχανές. Τηλ. 359.
ΠΩΛΕΙΤΑΙ Clark ἀνυψωτικό. Τηλ. 321-722.
ΠΩΛΟΥΝΤΑΙ μηχανήματα γραφείου. Τηλ. 240-542.
Η ΣΥΝΕΧΕΙΑ ΣΤΗ 19Η ΣΕΛ.
